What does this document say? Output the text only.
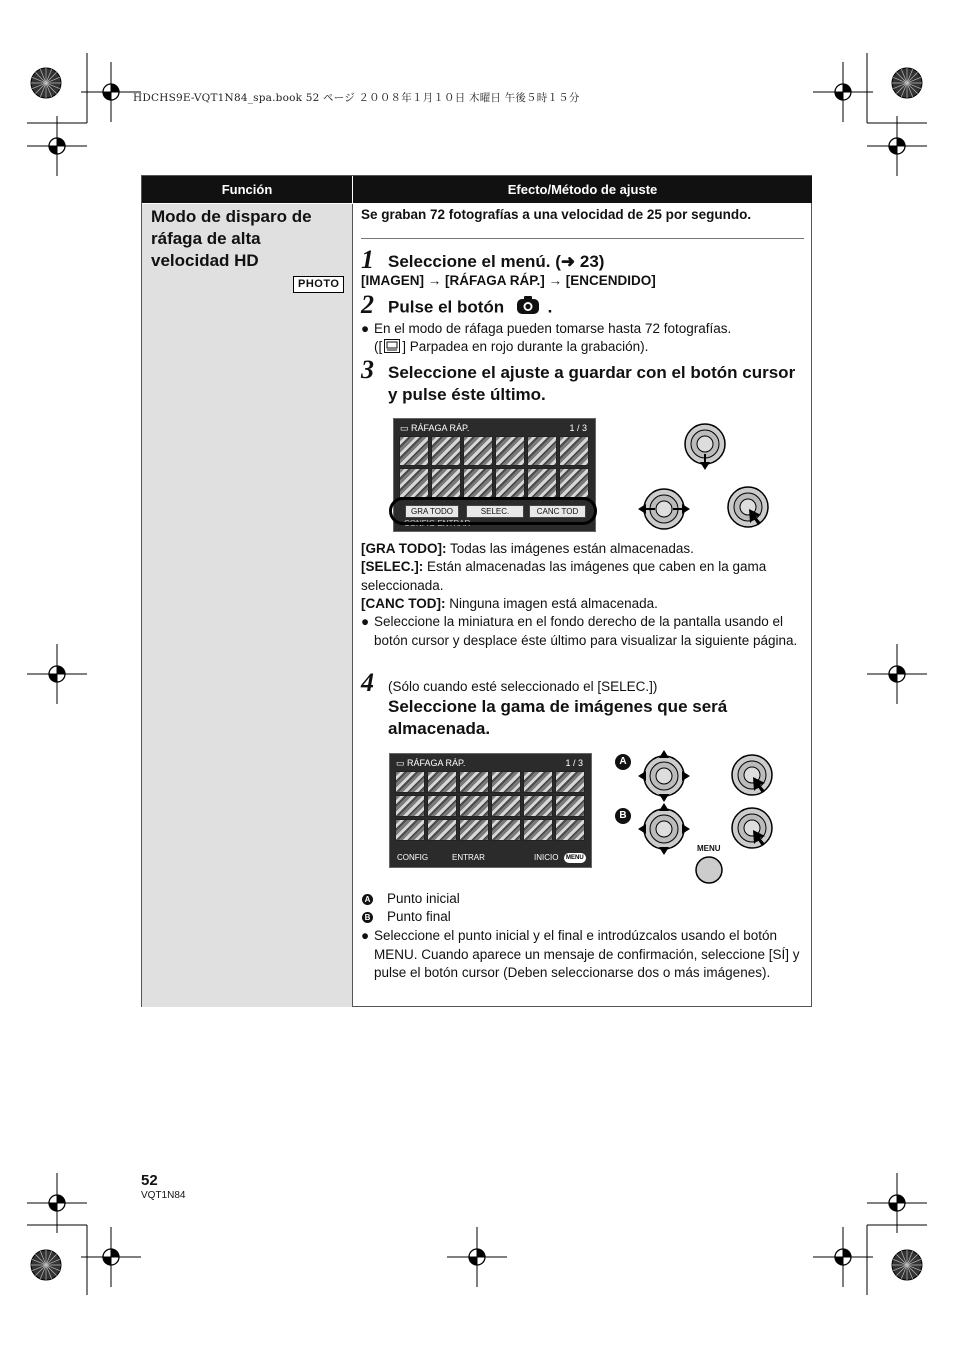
HDCHS9E-VQT1N84_spa.book 52 ページ ２００８年１月１０日 木曜日 午後５時１５分
Función	Efecto/Método de ajuste
Modo de disparo de ráfaga de alta velocidad HD
PHOTO
Se graban 72 fotografías a una velocidad de 25 por segundo.
1 Seleccione el menú. (➜ 23)
[IMAGEN] → [RÁFAGA RÁP.] → [ENCENDIDO]
2 Pulse el botón	.
● En el modo de ráfaga pueden tomarse hasta 72 fotografías.
([ ] Parpadea en rojo durante la grabación).
3 Seleccione el ajuste a guardar con el botón cursor y pulse éste último.
▭ RÁFAGA RÁP.	1 / 3
GRA TODO	SELEC.	CANC TOD
CONFIG ENTRAR
[GRA TODO]: Todas las imágenes están almacenadas.
[SELEC.]: Están almacenadas las imágenes que caben en la gama seleccionada.
[CANC TOD]: Ninguna imagen está almacenada.
● Seleccione la miniatura en el fondo derecho de la pantalla usando el botón cursor y desplace éste último para visualizar la siguiente página.
4 (Sólo cuando esté seleccionado el [SELEC.])
Seleccione la gama de imágenes que será almacenada.
▭ RÁFAGA RÁP.	1 / 3
CONFIG	ENTRAR	INICIO	MENU
A
B
MENU
A Punto inicial
B Punto final
● Seleccione el punto inicial y el final e introdúzcalos usando el botón MENU. Cuando aparece un mensaje de confirmación, seleccione [SÍ] y pulse el botón cursor (Deben seleccionarse dos o más imágenes).
52
VQT1N84
